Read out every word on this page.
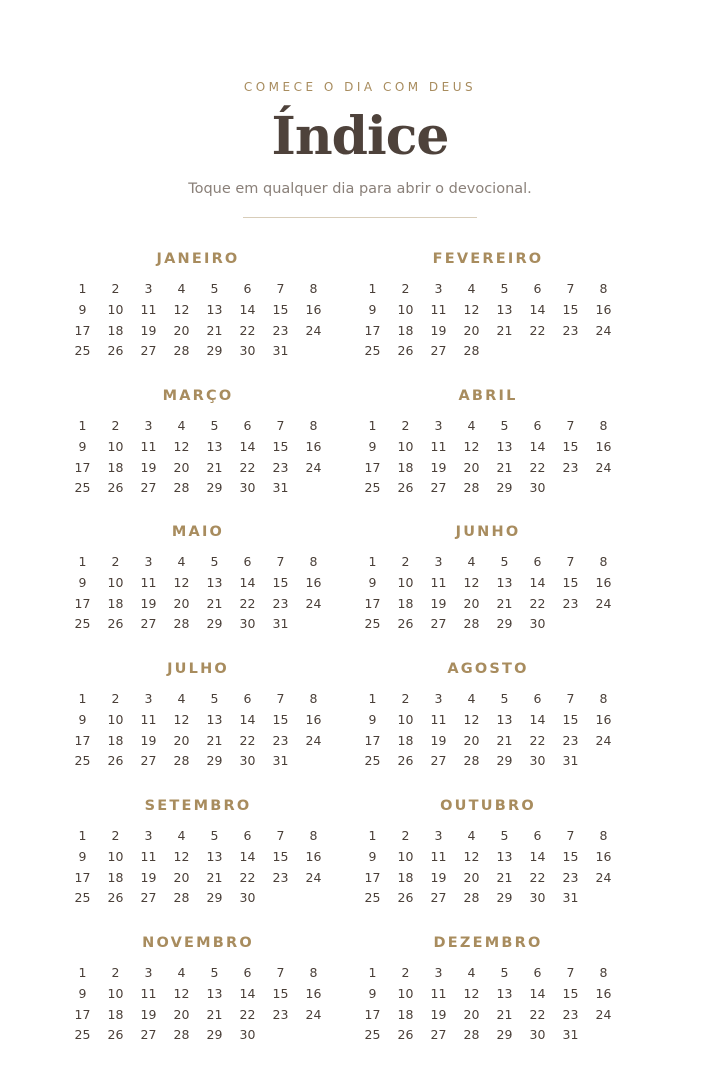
COMECE O DIA COM DEUS
Índice
Toque em qualquer dia para abrir o devocional.
JANEIRO
1	2	3	4	5	6	7	8
9	10	11	12	13	14	15	16
17	18	19	20	21	22	23	24
25	26	27	28	29	30	31
FEVEREIRO
1	2	3	4	5	6	7	8
9	10	11	12	13	14	15	16
17	18	19	20	21	22	23	24
25	26	27	28
MARÇO
1	2	3	4	5	6	7	8
9	10	11	12	13	14	15	16
17	18	19	20	21	22	23	24
25	26	27	28	29	30	31
ABRIL
1	2	3	4	5	6	7	8
9	10	11	12	13	14	15	16
17	18	19	20	21	22	23	24
25	26	27	28	29	30
MAIO
1	2	3	4	5	6	7	8
9	10	11	12	13	14	15	16
17	18	19	20	21	22	23	24
25	26	27	28	29	30	31
JUNHO
1	2	3	4	5	6	7	8
9	10	11	12	13	14	15	16
17	18	19	20	21	22	23	24
25	26	27	28	29	30
JULHO
1	2	3	4	5	6	7	8
9	10	11	12	13	14	15	16
17	18	19	20	21	22	23	24
25	26	27	28	29	30	31
AGOSTO
1	2	3	4	5	6	7	8
9	10	11	12	13	14	15	16
17	18	19	20	21	22	23	24
25	26	27	28	29	30	31
SETEMBRO
1	2	3	4	5	6	7	8
9	10	11	12	13	14	15	16
17	18	19	20	21	22	23	24
25	26	27	28	29	30
OUTUBRO
1	2	3	4	5	6	7	8
9	10	11	12	13	14	15	16
17	18	19	20	21	22	23	24
25	26	27	28	29	30	31
NOVEMBRO
1	2	3	4	5	6	7	8
9	10	11	12	13	14	15	16
17	18	19	20	21	22	23	24
25	26	27	28	29	30
DEZEMBRO
1	2	3	4	5	6	7	8
9	10	11	12	13	14	15	16
17	18	19	20	21	22	23	24
25	26	27	28	29	30	31
